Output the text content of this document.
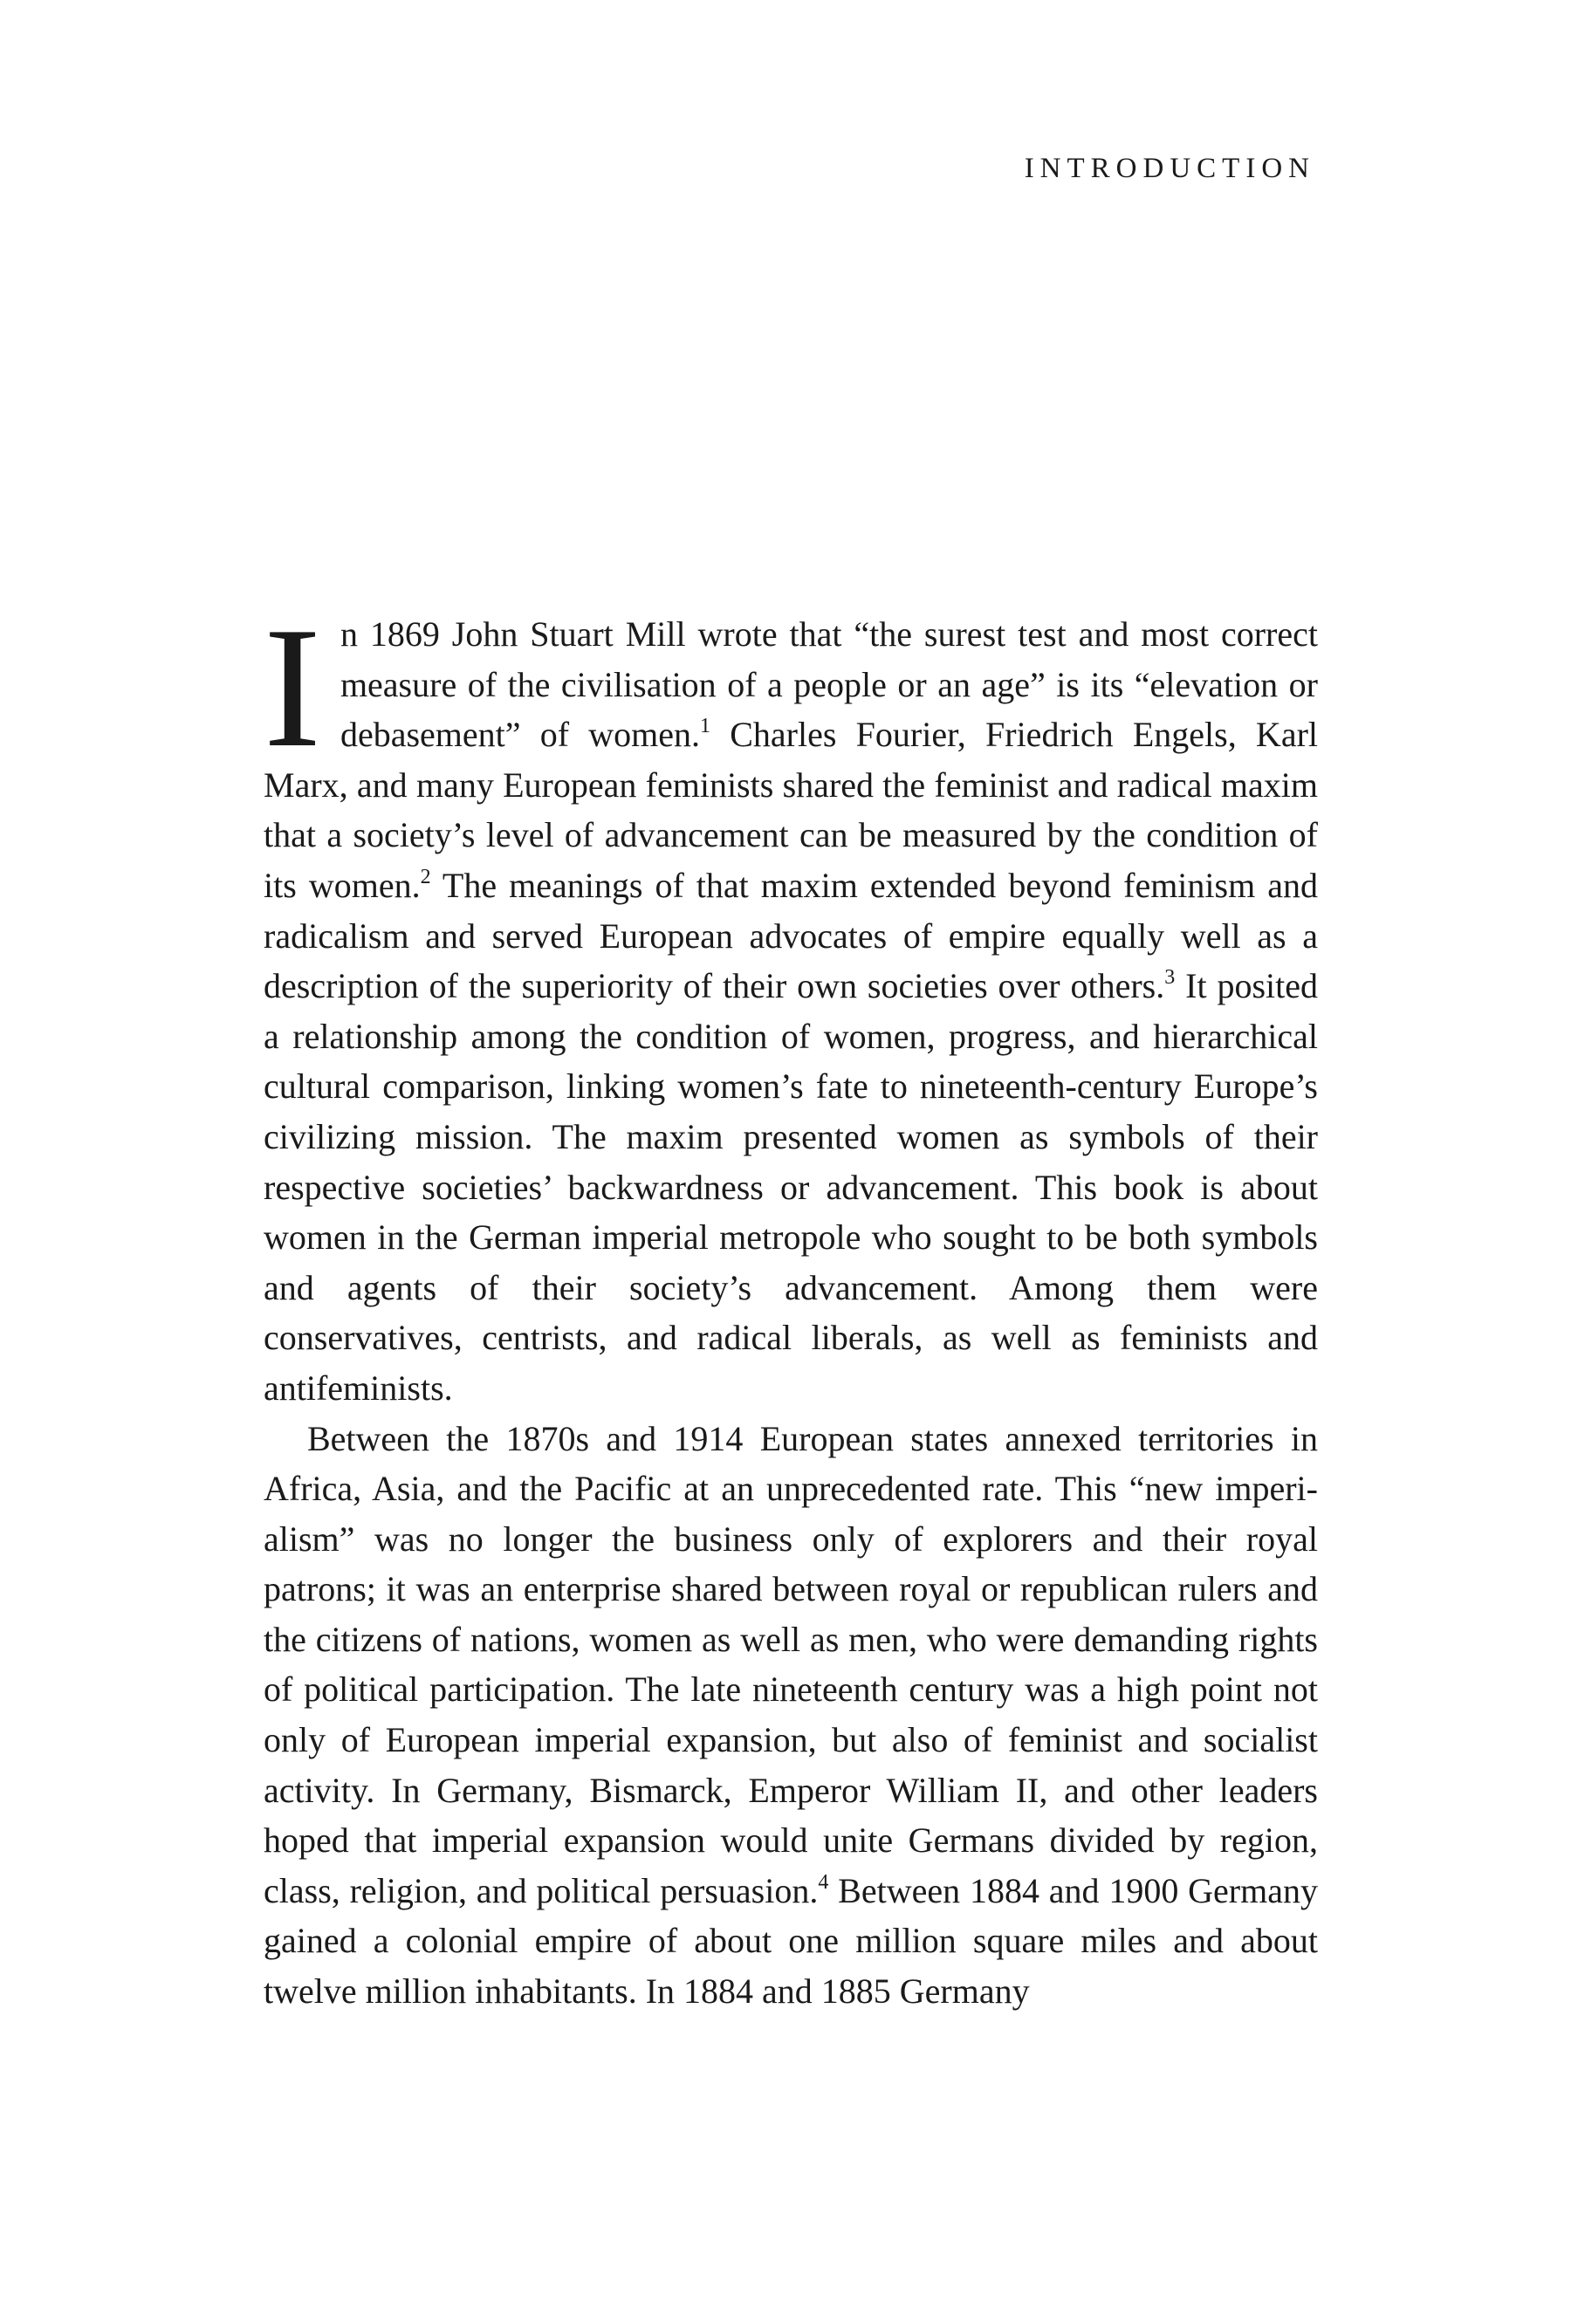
INTRODUCTION

In 1869 John Stuart Mill wrote that “the surest test and most correct measure of the civilisation of a people or an age” is its “elevation or debasement” of women.$^1$ Charles Fourier, Friedrich Engels, Karl Marx, and many European feminists shared the feminist and radical maxim that a society’s level of advancement can be measured by the condition of its women.$^2$ The meanings of that maxim extended beyond feminism and radicalism and served European advocates of empire equally well as a description of the superiority of their own societies over others.$^3$ It posited a relationship among the condition of women, progress, and hierarchical cultural comparison, linking women’s fate to nineteenth-century Europe’s civilizing mission. The maxim presented women as symbols of their respective societies’ backwardness or advancement. This book is about women in the German imperial metropole who sought to be both symbols and agents of their society’s advancement. Among them were conservatives, centrists, and radical liberals, as well as feminists and antifeminists.

Between the 1870s and 1914 European states annexed territories in Africa, Asia, and the Pacific at an unprecedented rate. This “new imperialism” was no longer the business only of explorers and their royal patrons; it was an enterprise shared between royal or republican rulers and the citizens of nations, women as well as men, who were demanding rights of political participation. The late nineteenth century was a high point not only of European imperial expansion, but also of feminist and socialist activity. In Germany, Bismarck, Emperor William II, and other leaders hoped that imperial expansion would unite Germans divided by region, class, religion, and political persuasion.$^4$ Between 1884 and 1900 Germany gained a colonial empire of about one million square miles and about twelve million inhabitants. In 1884 and 1885 Germany
